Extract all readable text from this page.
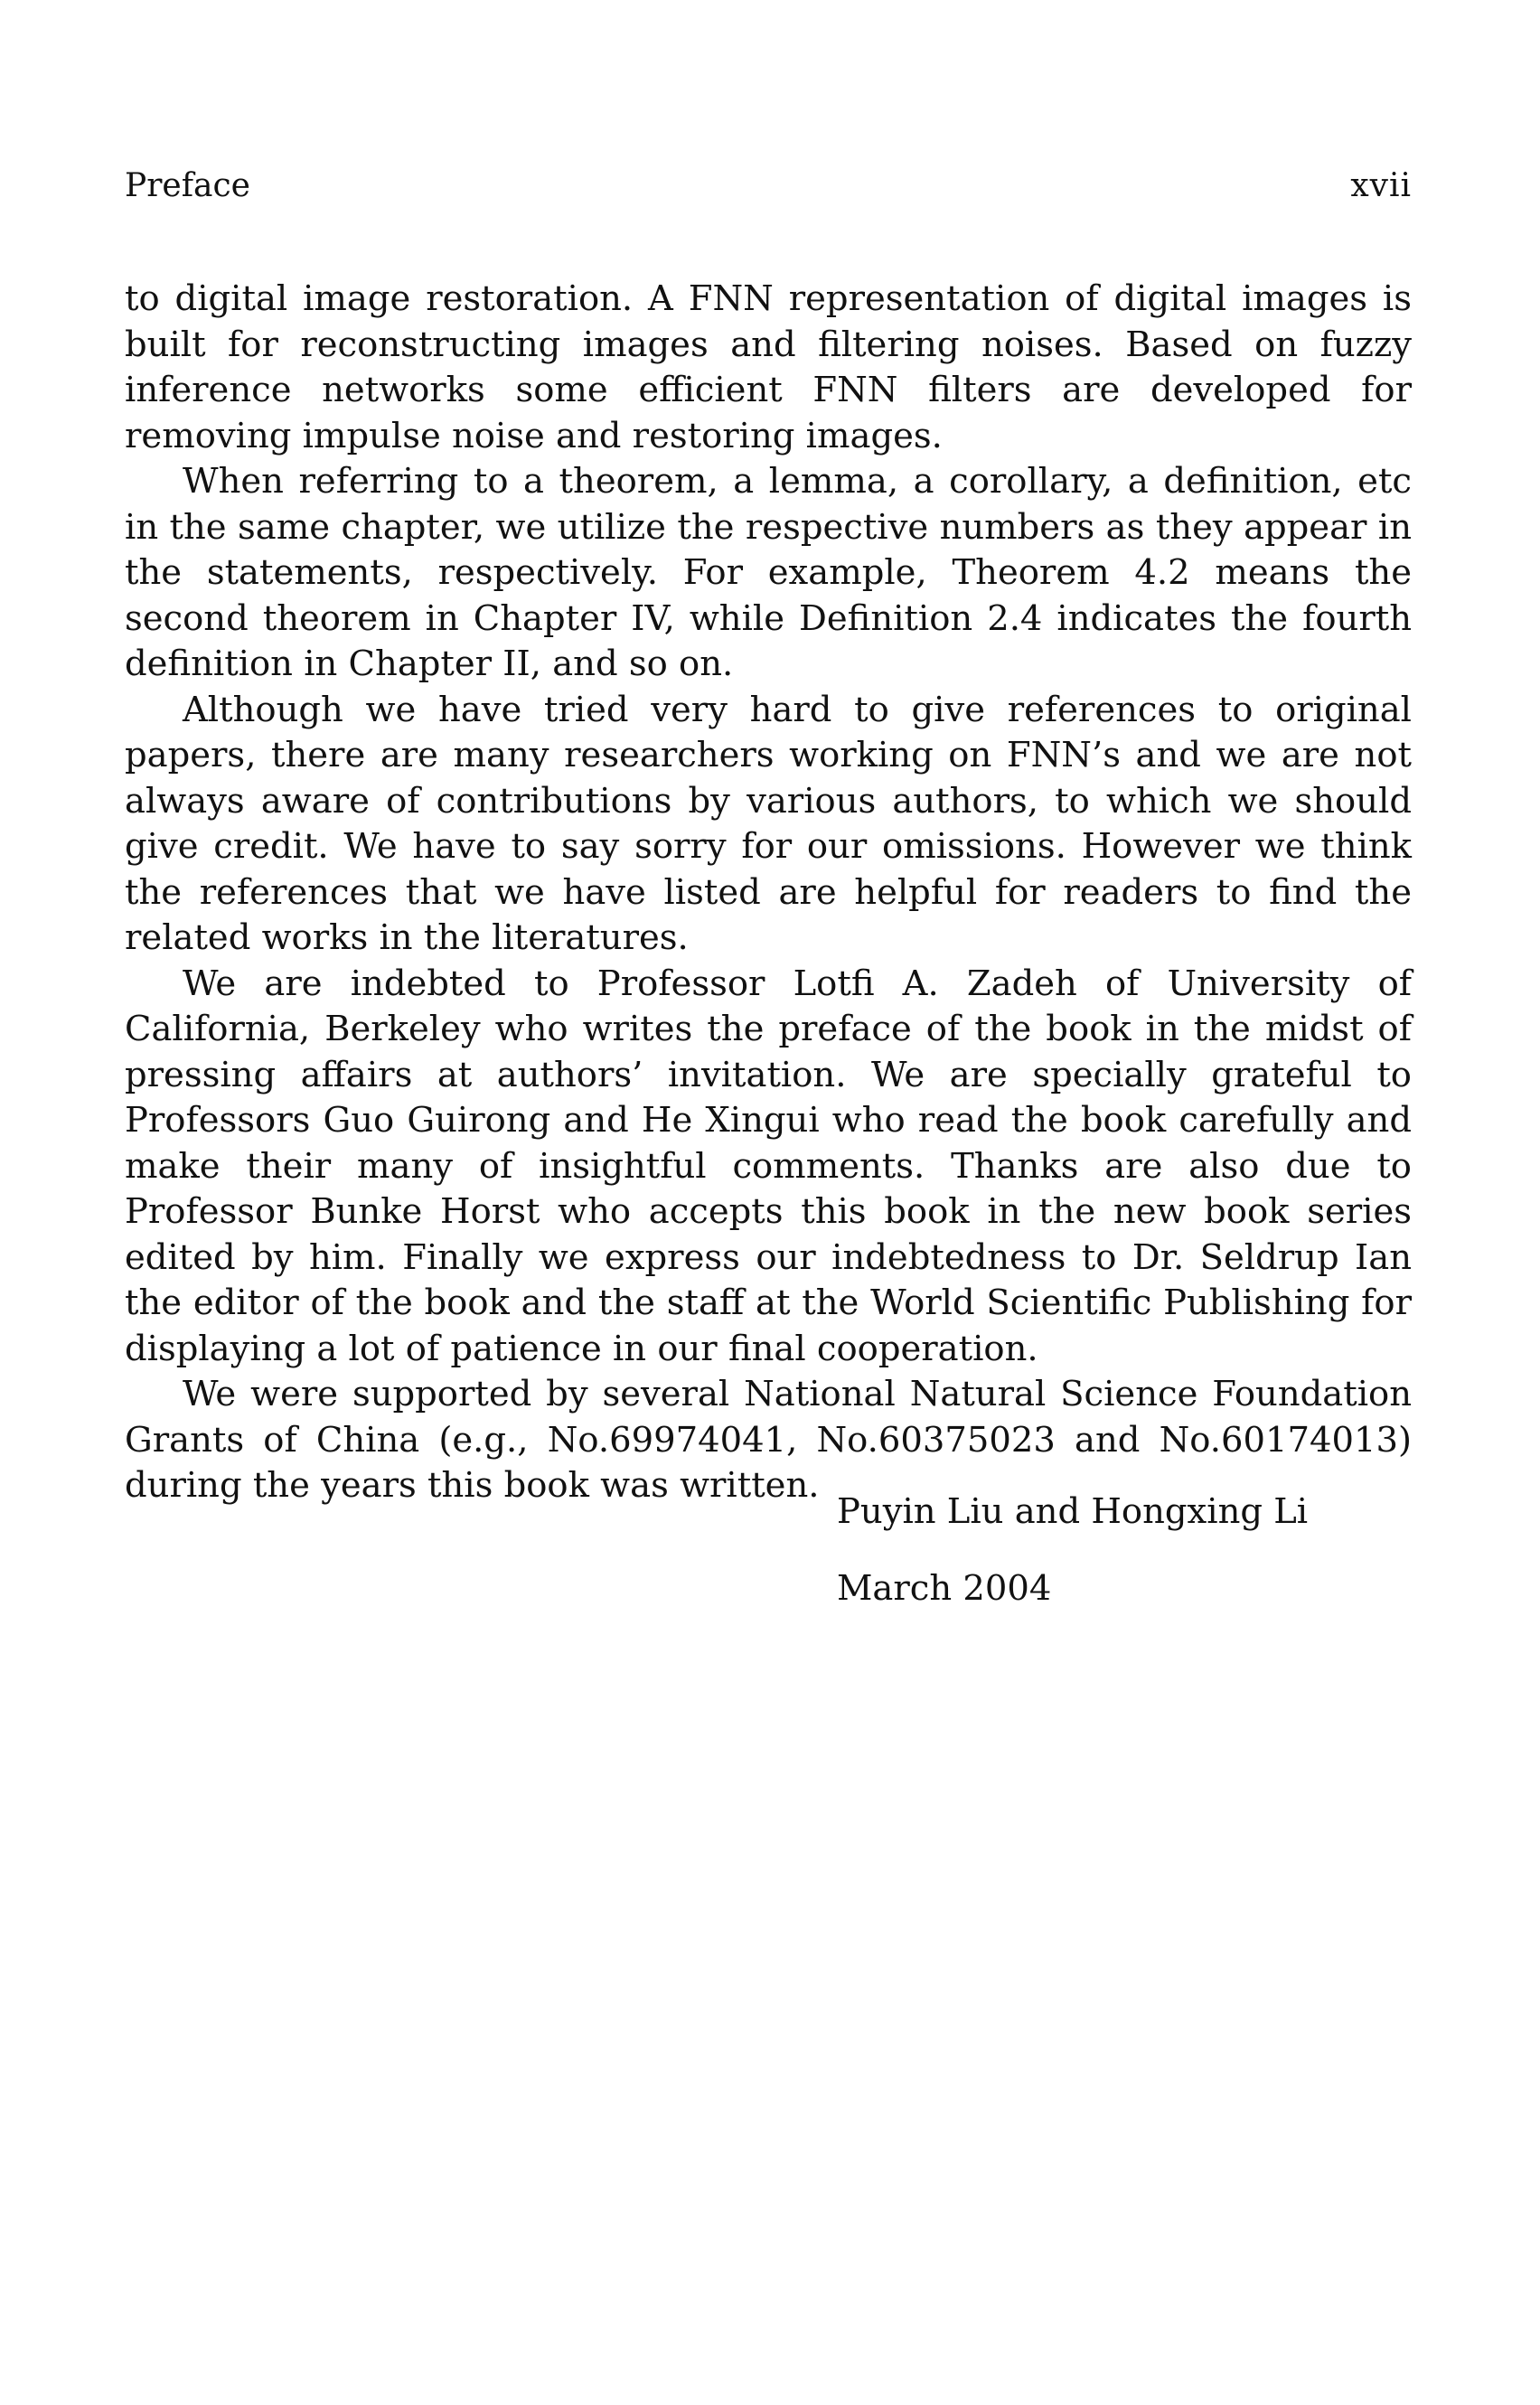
Preface	xvii

to digital image restoration. A FNN representation of digital images is built for reconstructing images and filtering noises. Based on fuzzy inference networks some efficient FNN filters are developed for removing impulse noise and restoring images.

When referring to a theorem, a lemma, a corollary, a definition, etc in the same chapter, we utilize the respective numbers as they appear in the statements, respectively. For example, Theorem 4.2 means the second theorem in Chapter IV, while Definition 2.4 indicates the fourth definition in Chapter II, and so on.

Although we have tried very hard to give references to original papers, there are many researchers working on FNN’s and we are not always aware of contributions by various authors, to which we should give credit. We have to say sorry for our omissions. However we think the references that we have listed are helpful for readers to find the related works in the literatures.

We are indebted to Professor Lotfi A. Zadeh of University of California, Berkeley who writes the preface of the book in the midst of pressing affairs at authors’ invitation. We are specially grateful to Professors Guo Guirong and He Xingui who read the book carefully and make their many of insightful comments. Thanks are also due to Professor Bunke Horst who accepts this book in the new book series edited by him. Finally we express our indebtedness to Dr. Seldrup Ian the editor of the book and the staff at the World Scientific Publishing for displaying a lot of patience in our final cooperation.

We were supported by several National Natural Science Foundation Grants of China (e.g., No.69974041, No.60375023 and No.60174013) during the years this book was written.

Puyin Liu and Hongxing Li
March 2004
